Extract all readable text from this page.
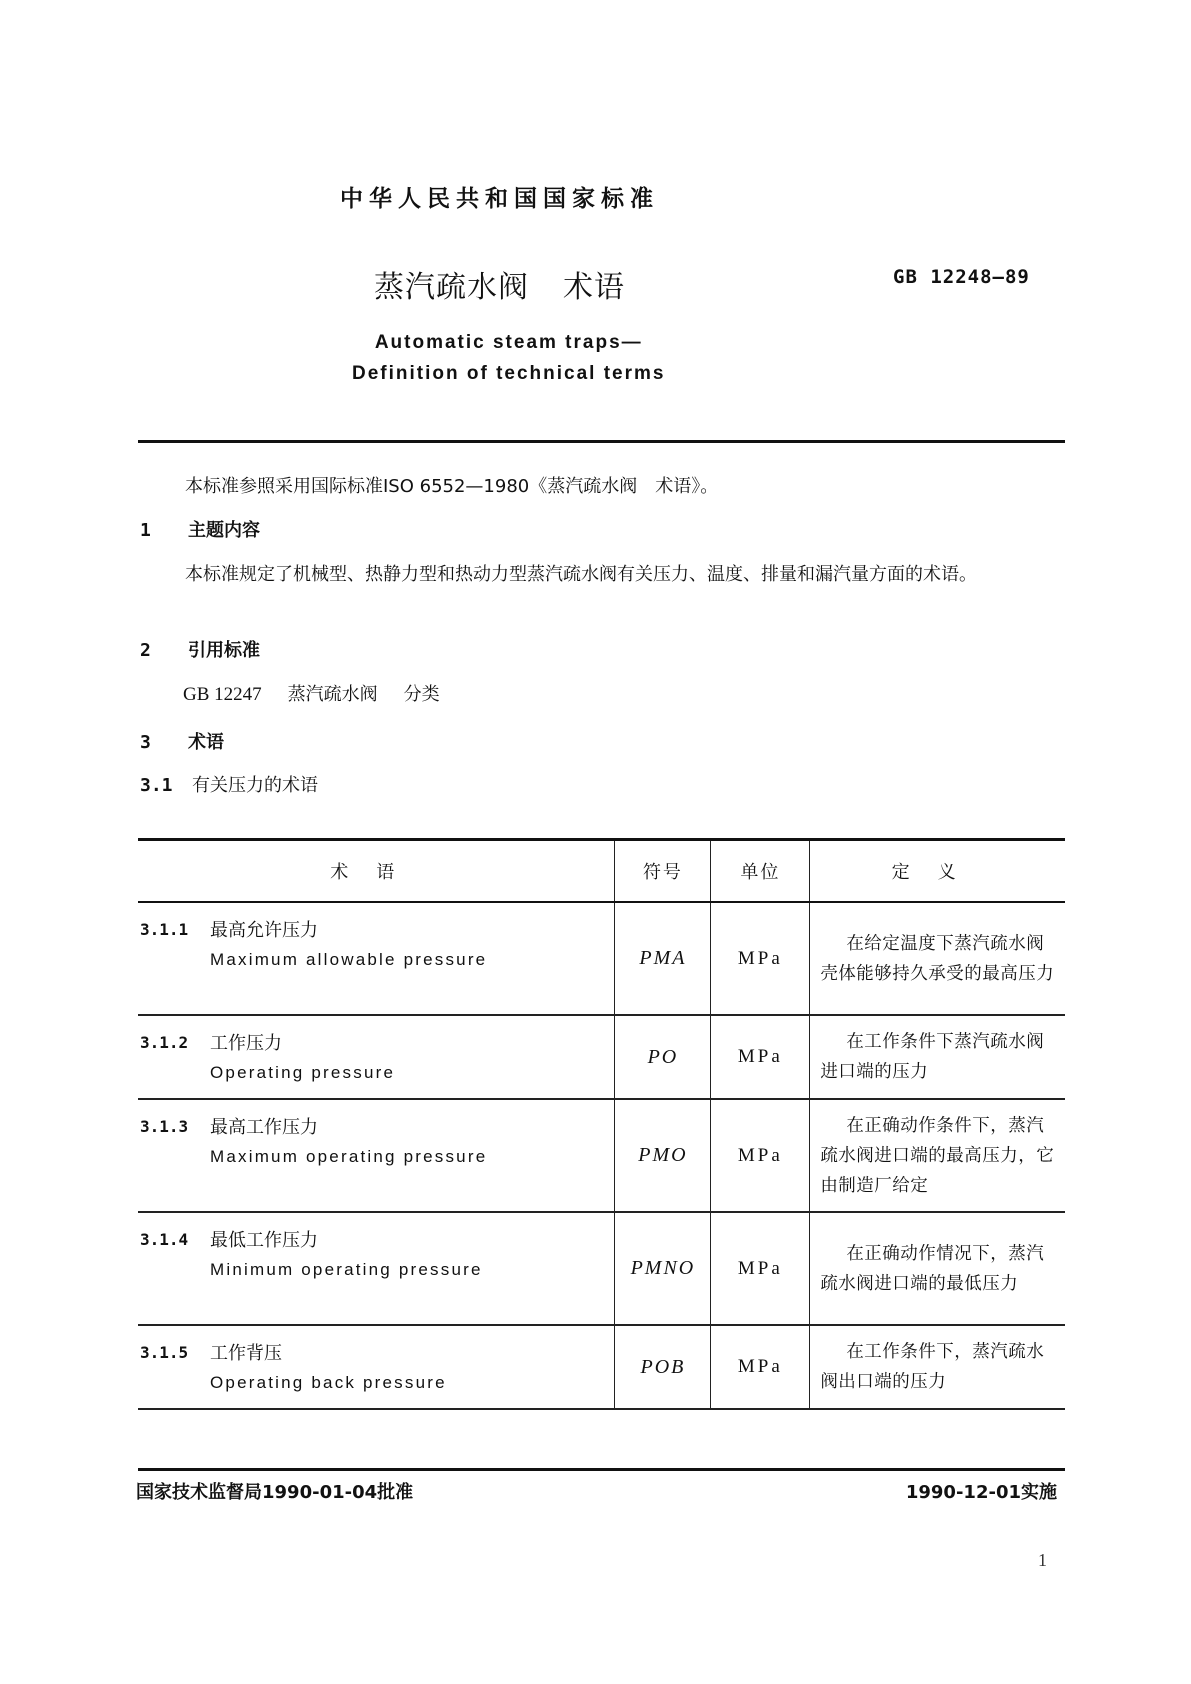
中华人民共和国国家标准
蒸汽疏水阀 术语	GB 12248—89
Automatic steam traps—
Definition of technical terms
本标准参照采用国际标准ISO 6552—1980《蒸汽疏水阀　术语》。
1 主题内容
本标准规定了机械型、热静力型和热动力型蒸汽疏水阀有关压力、温度、排量和漏汽量方面的术语。
2 引用标准
GB 12247 蒸汽疏水阀 分类
3 术语
3.1 有关压力的术语
术语	符号	单位	定义

3.1.1 最高允许压力
Maximum allowable pressure	PMA	MPa	在给定温度下蒸汽疏水阀壳体能够持久承受的最高压力

3.1.2 工作压力
Operating pressure	PO	MPa	在工作条件下蒸汽疏水阀进口端的压力

3.1.3 最高工作压力
Maximum operating pressure	PMO	MPa	在正确动作条件下，蒸汽疏水阀进口端的最高压力，它由制造厂给定

3.1.4 最低工作压力
Minimum operating pressure	PMNO	MPa	在正确动作情况下，蒸汽疏水阀进口端的最低压力

3.1.5 工作背压
Operating back pressure	POB	MPa	在工作条件下，蒸汽疏水阀出口端的压力
国家技术监督局1990-01-04批准	1990-12-01实施
1
